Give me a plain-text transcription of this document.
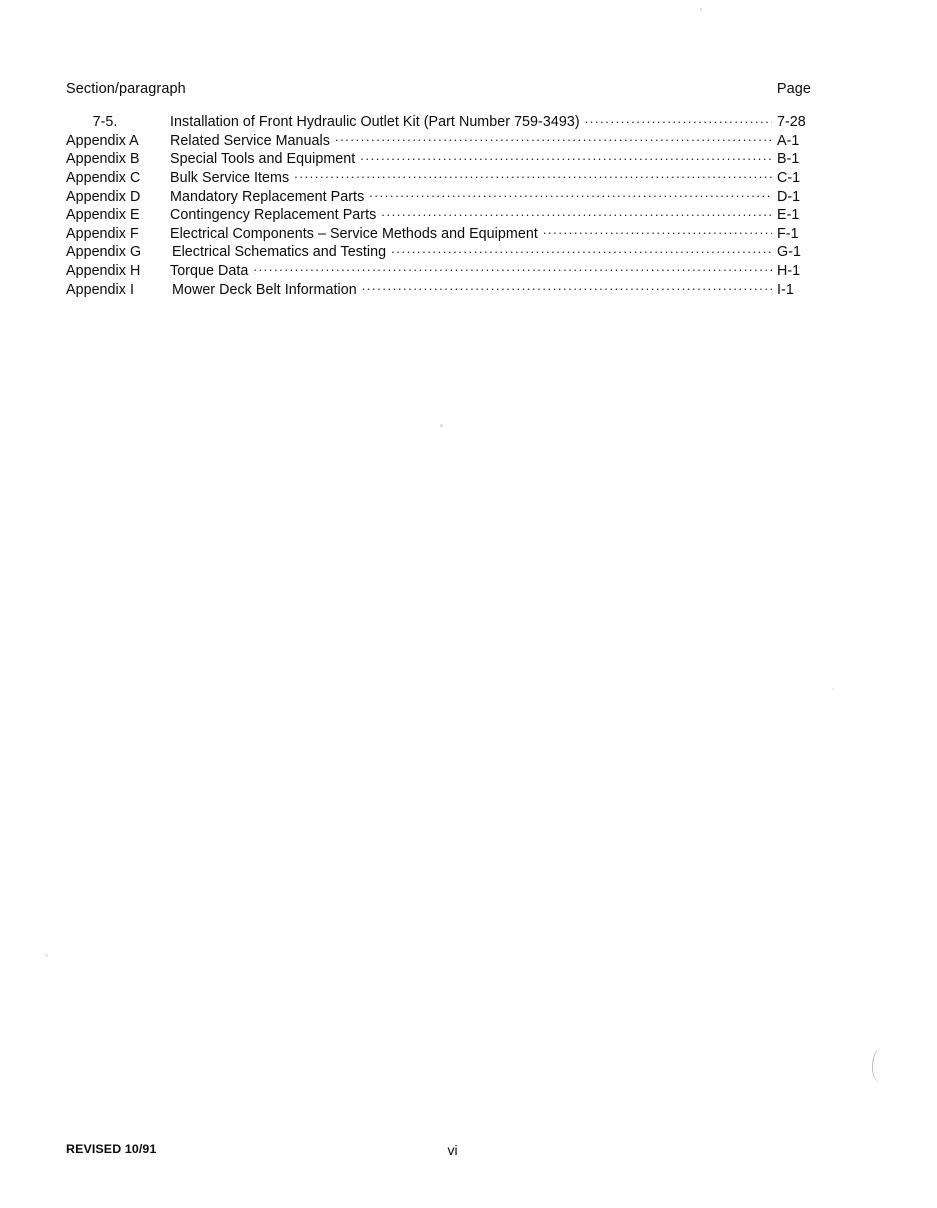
Section/paragraph	Page
7-5.	Installation of Front Hydraulic Outlet Kit (Part Number 759-3493) .....	7-28
Appendix A	Related Service Manuals .....	A-1
Appendix B	Special Tools and Equipment .....	B-1
Appendix C	Bulk Service Items .....	C-1
Appendix D	Mandatory Replacement Parts .....	D-1
Appendix E	Contingency Replacement Parts .....	E-1
Appendix F	Electrical Components – Service Methods and Equipment .....	F-1
Appendix G	Electrical Schematics and Testing .....	G-1
Appendix H	Torque Data .....	H-1
Appendix I	Mower Deck Belt Information .....	I-1
REVISED 10/91	vi
